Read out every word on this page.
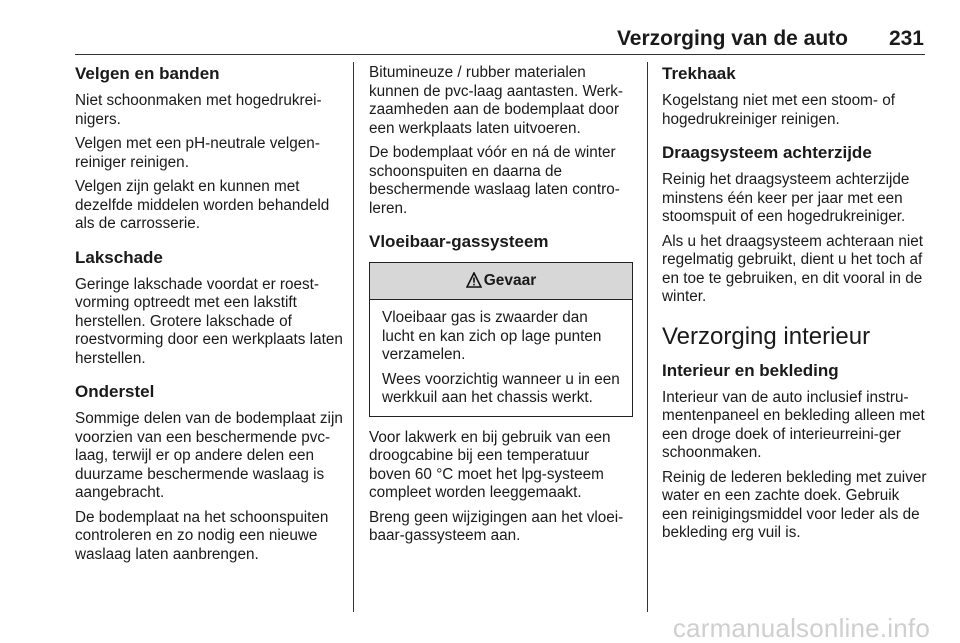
Verzorging van de auto	231
Velgen en banden

Niet schoonmaken met hogedrukrei-nigers.

Velgen met een pH-neutrale velgen-reiniger reinigen.

Velgen zijn gelakt en kunnen met dezelfde middelen worden behandeld als de carrosserie.

Lakschade

Geringe lakschade voordat er roest-vorming optreedt met een lakstift herstellen. Grotere lakschade of roestvorming door een werkplaats laten herstellen.

Onderstel

Sommige delen van de bodemplaat zijn voorzien van een beschermende pvc-laag, terwijl er op andere delen een duurzame beschermende waslaag is aangebracht.

De bodemplaat na het schoonspuiten controleren en zo nodig een nieuwe waslaag laten aanbrengen.

Bitumineuze / rubber materialen kunnen de pvc-laag aantasten. Werk-zaamheden aan de bodemplaat door een werkplaats laten uitvoeren.

De bodemplaat vóór en ná de winter schoonspuiten en daarna de beschermende waslaag laten contro-leren.

Vloeibaar-gassysteem
Gevaar

Vloeibaar gas is zwaarder dan lucht en kan zich op lage punten verzamelen.

Wees voorzichtig wanneer u in een werkkuil aan het chassis werkt.

Voor lakwerk en bij gebruik van een droogcabine bij een temperatuur boven 60 °C moet het lpg-systeem compleet worden leeggemaakt.

Breng geen wijzigingen aan het vloei-baar-gassysteem aan.

Trekhaak

Kogelstang niet met een stoom- of hogedrukreiniger reinigen.

Draagsysteem achterzijde

Reinig het draagsysteem achterzijde minstens één keer per jaar met een stoomspuit of een hogedrukreiniger.

Als u het draagsysteem achteraan niet regelmatig gebruikt, dient u het toch af en toe te gebruiken, en dit vooral in de winter.

Verzorging interieur
Interieur en bekleding

Interieur van de auto inclusief instru-mentenpaneel en bekleding alleen met een droge doek of interieurreini-ger schoonmaken.

Reinig de lederen bekleding met zuiver water en een zachte doek. Gebruik een reinigingsmiddel voor leder als de bekleding erg vuil is.

carmanualsonline.info
